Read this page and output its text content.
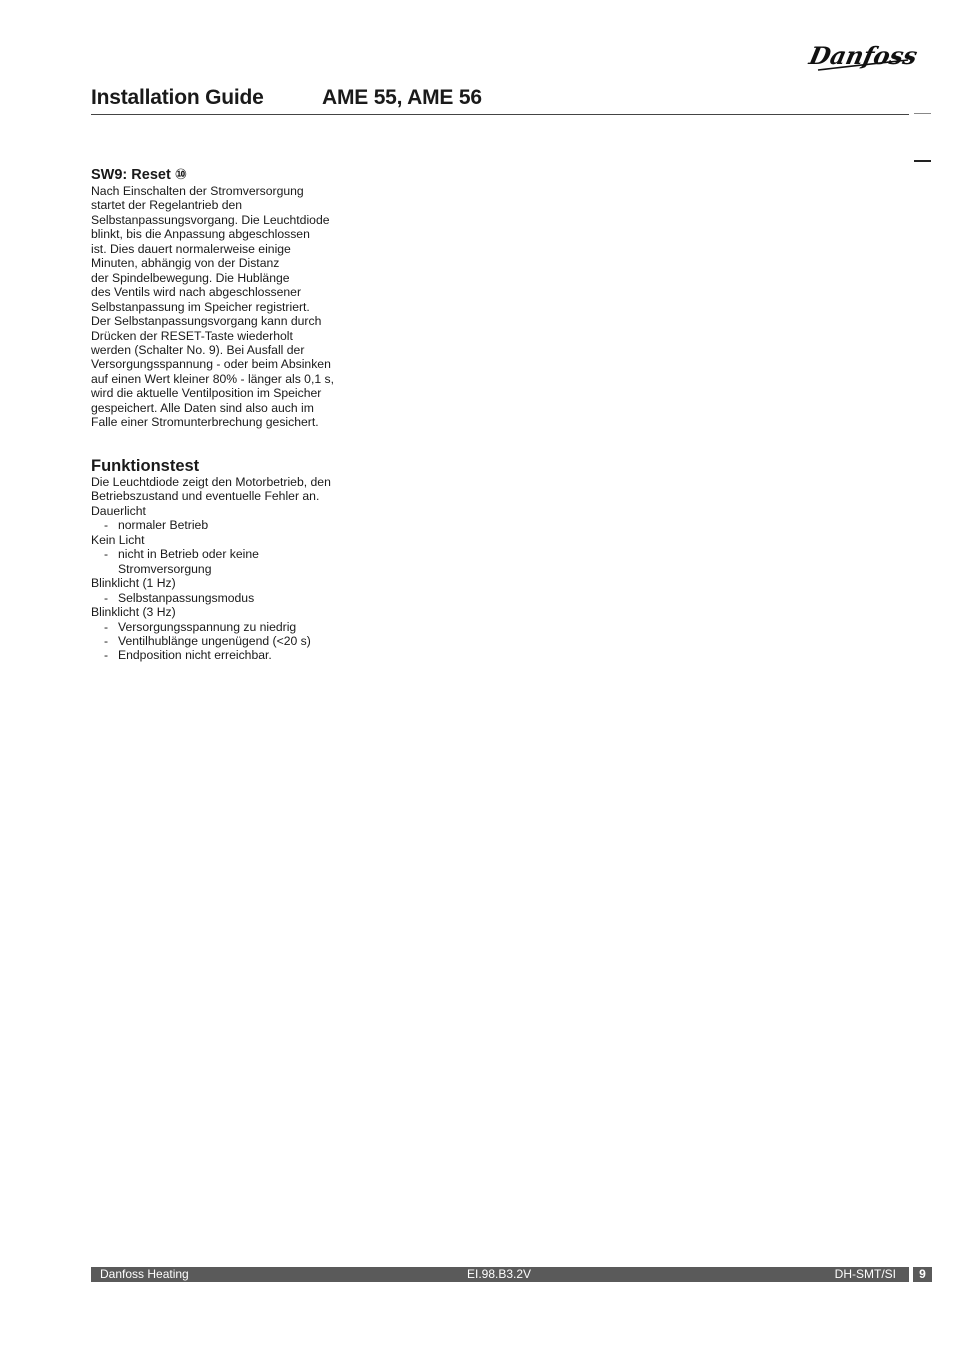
Danfoss
Installation Guide	AME 55, AME 56
SW9: Reset ⑩

Nach Einschalten der Stromversorgung

startet der Regelantrieb den

Selbstanpassungsvorgang. Die Leuchtdiode

blinkt, bis die Anpassung abgeschlossen

ist. Dies dauert normalerweise einige

Minuten, abhängig von der Distanz

der Spindelbewegung. Die Hublänge

des Ventils wird nach abgeschlossener

Selbstanpassung im Speicher registriert.

Der Selbstanpassungsvorgang kann durch

Drücken der RESET-Taste wiederholt

werden (Schalter No. 9). Bei Ausfall der

Versorgungsspannung - oder beim Absinken

auf einen Wert kleiner 80% - länger als 0,1 s,

wird die aktuelle Ventilposition im Speicher

gespeichert. Alle Daten sind also auch im

Falle einer Stromunterbrechung gesichert.

Funktionstest

Die Leuchtdiode zeigt den Motorbetrieb, den

Betriebszustand und eventuelle Fehler an.

Dauerlicht

- normaler Betrieb

Kein Licht

- nicht in Betrieb oder keine
Stromversorgung

Blinklicht (1 Hz)

- Selbstanpassungsmodus

Blinklicht (3 Hz)

- Versorgungsspannung zu niedrig
- Ventilhublänge ungenügend (<20 s)
- Endposition nicht erreichbar.
Danfoss Heating	EI.98.B3.2V	DH-SMT/SI	9
